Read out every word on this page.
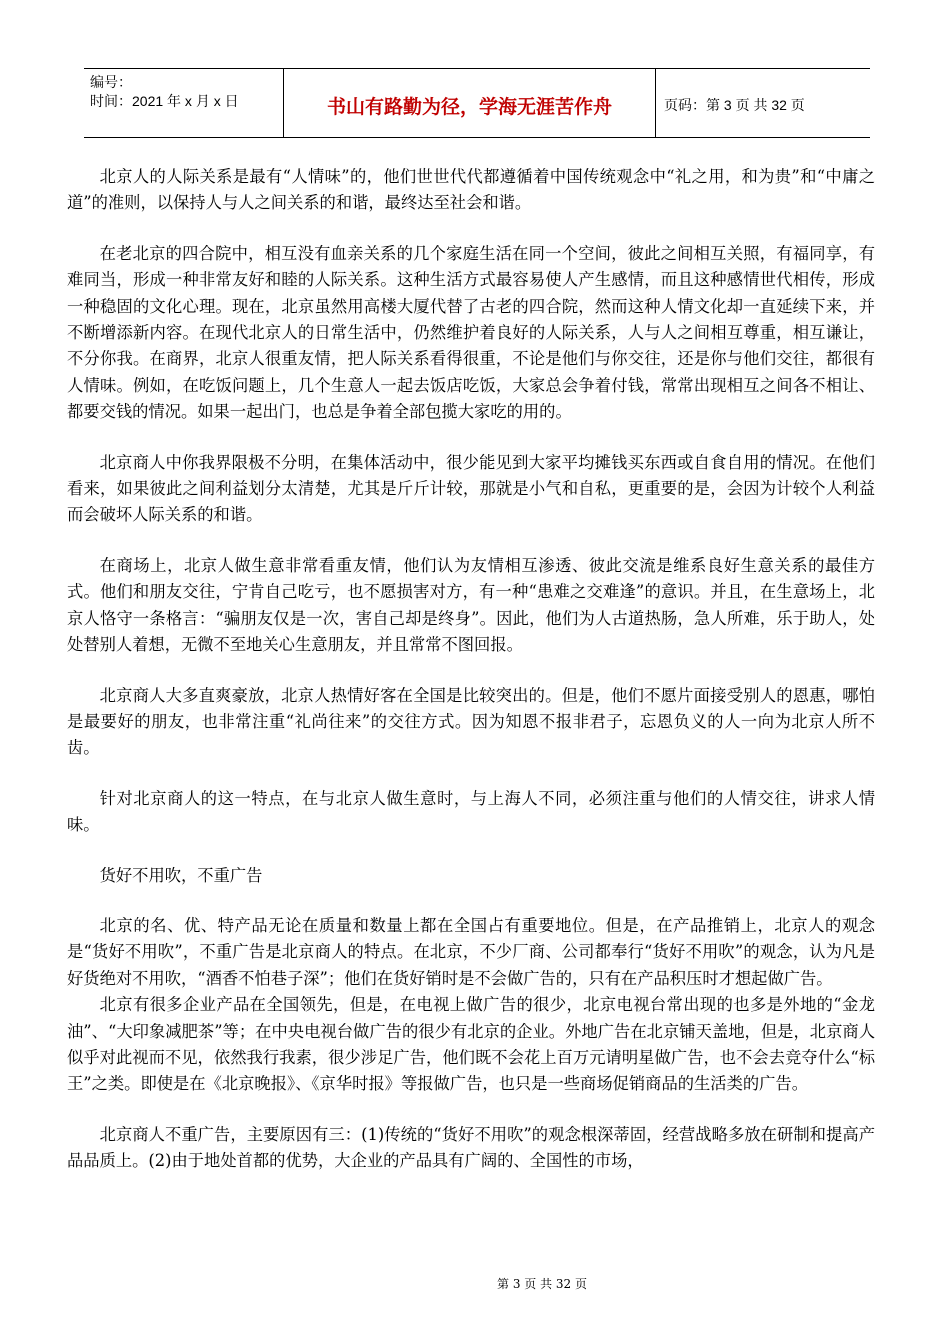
编号：
时间：2021 年 x 月 x 日	书山有路勤为径，学海无涯苦作舟	页码：第 3 页 共 32 页

北京人的人际关系是最有“人情味”的，他们世世代代都遵循着中国传统观念中“礼之用，和为贵”和“中庸之道”的准则，以保持人与人之间关系的和谐，最终达至社会和谐。

在老北京的四合院中，相互没有血亲关系的几个家庭生活在同一个空间，彼此之间相互关照，有福同享，有难同当，形成一种非常友好和睦的人际关系。这种生活方式最容易使人产生感情，而且这种感情世代相传，形成一种稳固的文化心理。现在，北京虽然用高楼大厦代替了古老的四合院，然而这种人情文化却一直延续下来，并不断增添新内容。在现代北京人的日常生活中，仍然维护着良好的人际关系，人与人之间相互尊重，相互谦让，不分你我。在商界，北京人很重友情，把人际关系看得很重，不论是他们与你交往，还是你与他们交往，都很有人情味。例如，在吃饭问题上，几个生意人一起去饭店吃饭，大家总会争着付钱，常常出现相互之间各不相让、都要交钱的情况。如果一起出门，也总是争着全部包揽大家吃的用的。

北京商人中你我界限极不分明，在集体活动中，很少能见到大家平均摊钱买东西或自食自用的情况。在他们看来，如果彼此之间利益划分太清楚，尤其是斤斤计较，那就是小气和自私，更重要的是，会因为计较个人利益而会破坏人际关系的和谐。

在商场上，北京人做生意非常看重友情，他们认为友情相互渗透、彼此交流是维系良好生意关系的最佳方式。他们和朋友交往，宁肯自己吃亏，也不愿损害对方，有一种“患难之交难逢”的意识。并且，在生意场上，北京人恪守一条格言：“骗朋友仅是一次，害自己却是终身”。因此，他们为人古道热肠，急人所难，乐于助人，处处替别人着想，无微不至地关心生意朋友，并且常常不图回报。

北京商人大多直爽豪放，北京人热情好客在全国是比较突出的。但是，他们不愿片面接受别人的恩惠，哪怕是最要好的朋友，也非常注重“礼尚往来”的交往方式。因为知恩不报非君子，忘恩负义的人一向为北京人所不齿。

针对北京商人的这一特点，在与北京人做生意时，与上海人不同，必须注重与他们的人情交往，讲求人情味。

货好不用吹，不重广告

北京的名、优、特产品无论在质量和数量上都在全国占有重要地位。但是，在产品推销上，北京人的观念是“货好不用吹”，不重广告是北京商人的特点。在北京，不少厂商、公司都奉行“货好不用吹”的观念，认为凡是好货绝对不用吹，“酒香不怕巷子深”；他们在货好销时是不会做广告的，只有在产品积压时才想起做广告。

北京有很多企业产品在全国领先，但是，在电视上做广告的很少，北京电视台常出现的也多是外地的“金龙油”、“大印象减肥茶”等；在中央电视台做广告的很少有北京的企业。外地广告在北京铺天盖地，但是，北京商人似乎对此视而不见，依然我行我素，很少涉足广告，他们既不会花上百万元请明星做广告，也不会去竞夺什么“标王”之类。即使是在《北京晚报》、《京华时报》等报做广告，也只是一些商场促销商品的生活类的广告。

北京商人不重广告，主要原因有三：(1)传统的“货好不用吹”的观念根深蒂固，经营战略多放在研制和提高产品品质上。(2)由于地处首都的优势，大企业的产品具有广阔的、全国性的市场，

第 3 页 共 32 页
